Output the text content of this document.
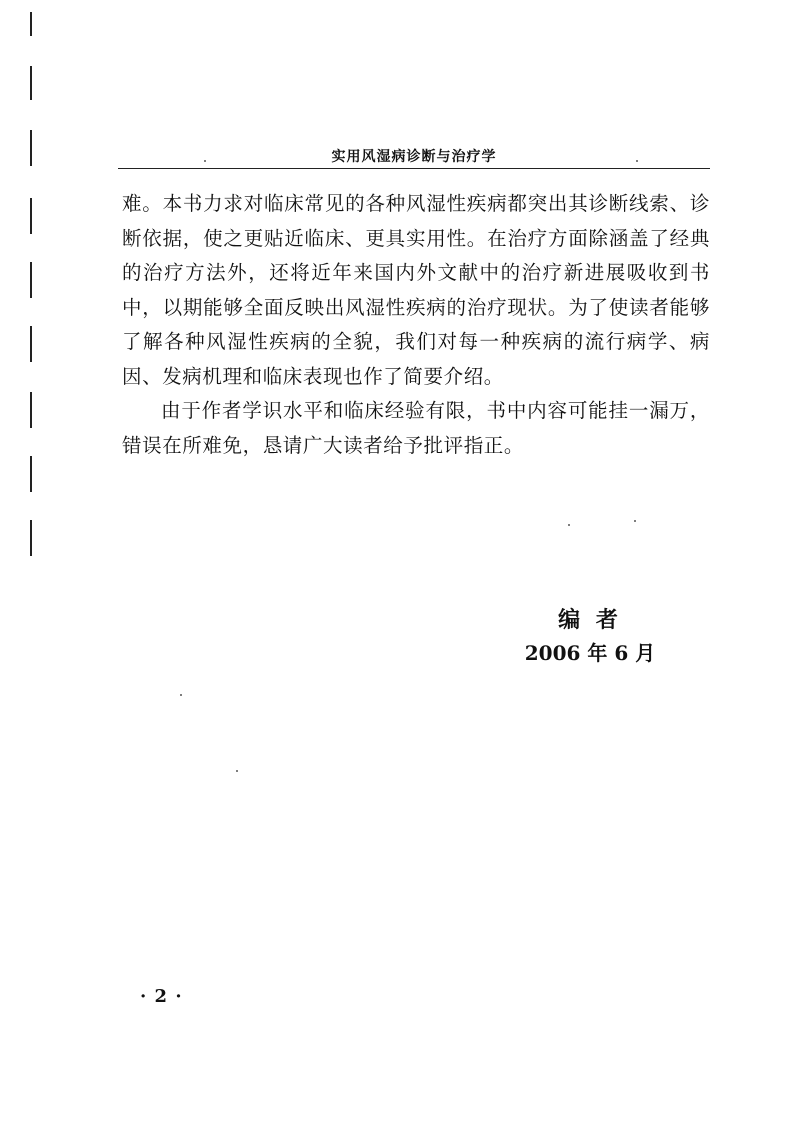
实用风湿病诊断与治疗学

难。本书力求对临床常见的各种风湿性疾病都突出其诊断线索、诊断依据，使之更贴近临床、更具实用性。在治疗方面除涵盖了经典的治疗方法外，还将近年来国内外文献中的治疗新进展吸收到书中，以期能够全面反映出风湿性疾病的治疗现状。为了使读者能够了解各种风湿性疾病的全貌，我们对每一种疾病的流行病学、病因、发病机理和临床表现也作了简要介绍。

由于作者学识水平和临床经验有限，书中内容可能挂一漏万，错误在所难免，恳请广大读者给予批评指正。

编 者
2006 年 6 月
· 2 ·
